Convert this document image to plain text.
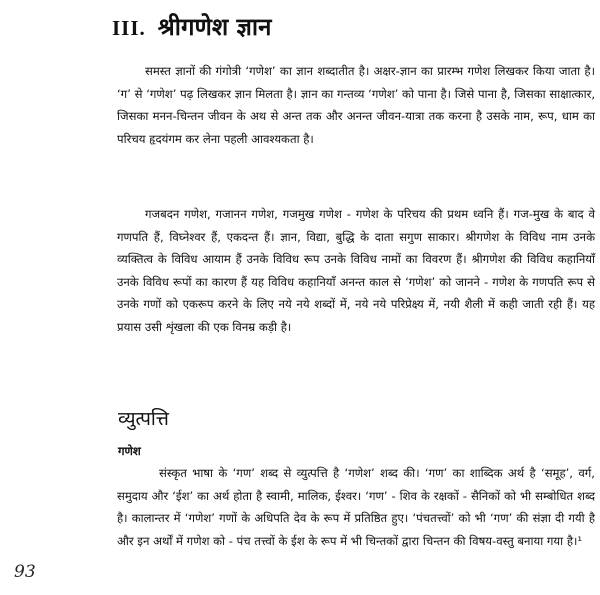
III. श्रीगणेश ज्ञान

समस्त ज्ञानों की गंगोत्री ‘गणेश’ का ज्ञान शब्दातीत है। अक्षर-ज्ञान का प्रारम्भ गणेश लिखकर किया जाता है। ‘ग’ से ‘गणेश’ पढ़ लिखकर ज्ञान मिलता है। ज्ञान का गन्तव्य ‘गणेश’ को पाना है। जिसे पाना है, जिसका साक्षात्कार, जिसका मनन-चिन्तन जीवन के अथ से अन्त तक और अनन्त जीवन-यात्रा तक करना है उसके नाम, रूप, धाम का परिचय हृदयंगम कर लेना पहली आवश्यकता है।

गजबदन गणेश, गजानन गणेश, गजमुख गणेश - गणेश के परिचय की प्रथम ध्वनि हैं। गज-मुख के बाद वे गणपति हैं, विघ्नेश्वर हैं, एकदन्त हैं। ज्ञान, विद्या, बुद्धि के दाता सगुण साकार। श्रीगणेश के विविध नाम उनके व्यक्तित्व के विविध आयाम हैं उनके विविध रूप उनके विविध नामों का विवरण हैं। श्रीगणेश की विविध कहानियाँ उनके विविध रूपों का कारण हैं यह विविध कहानियाँ अनन्त काल से ‘गणेश’ को जानने - गणेश के गणपति रूप से उनके गणों को एकरूप करने के लिए नये नये शब्दों में, नये नये परिप्रेक्ष्य में, नयी शैली में कही जाती रही हैं। यह प्रयास उसी शृंखला की एक विनम्र कड़ी है।

व्युत्पत्ति
गणेश

संस्कृत भाषा के ‘गण’ शब्द से व्युत्पत्ति है ‘गणेश’ शब्द की। ‘गण’ का शाब्दिक अर्थ है ‘समूह’, वर्ग, समुदाय और ‘ईश’ का अर्थ होता है स्वामी, मालिक, ईश्वर। ‘गण’ - शिव के रक्षकों - सैनिकों को भी सम्बोधित शब्द है। कालान्तर में ‘गणेश’ गणों के अधिपति देव के रूप में प्रतिष्ठित हुए। ‘पंचतत्त्वों’ को भी ‘गण’ की संज्ञा दी गयी है और इन अर्थों में गणेश को - पंच तत्त्वों के ईश के रूप में भी चिन्तकों द्वारा चिन्तन की विषय-वस्तु बनाया गया है।¹

93
